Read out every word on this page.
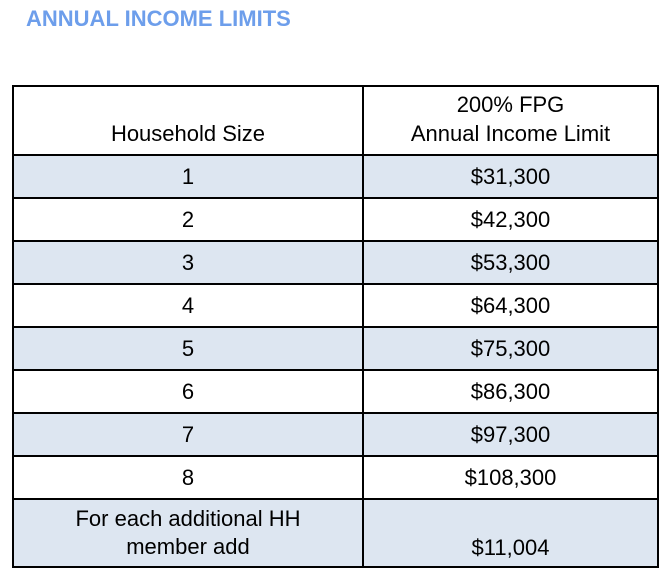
ANNUAL INCOME LIMITS
Household Size	200% FPG
Annual Income Limit

1	$31,300
2	$42,300
3	$53,300
4	$64,300
5	$75,300
6	$86,300
7	$97,300
8	$108,300

For each additional HH
member add	$11,004
